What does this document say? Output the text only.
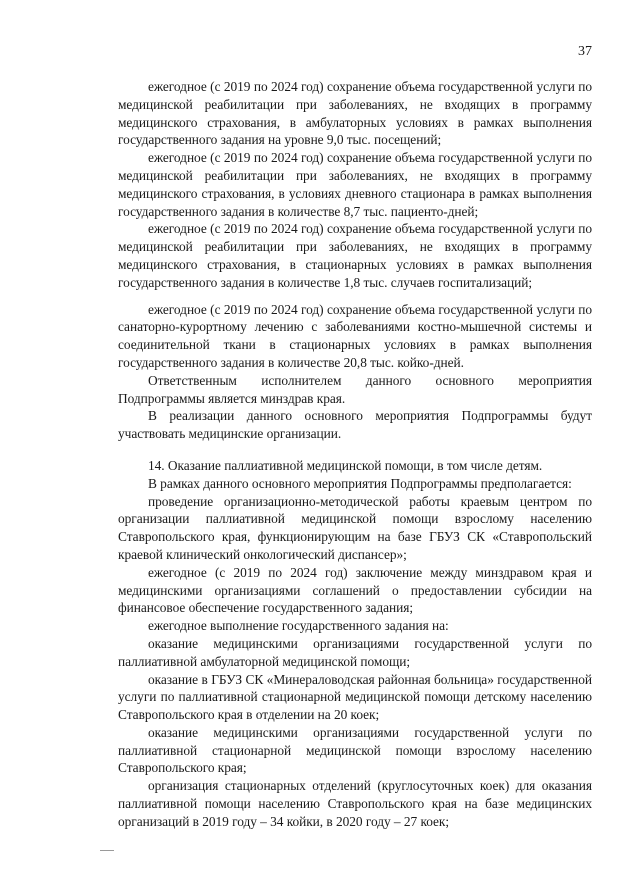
37

ежегодное (с 2019 по 2024 год) сохранение объема государственной услуги по медицинской реабилитации при заболеваниях, не входящих в программу медицинского страхования, в амбулаторных условиях в рамках выполнения государственного задания на уровне 9,0 тыс. посещений;

ежегодное (с 2019 по 2024 год) сохранение объема государственной услуги по медицинской реабилитации при заболеваниях, не входящих в программу медицинского страхования, в условиях дневного стационара в рамках выполнения государственного задания в количестве 8,7 тыс. пациенто-дней;

ежегодное (с 2019 по 2024 год) сохранение объема государственной услуги по медицинской реабилитации при заболеваниях, не входящих в программу медицинского страхования, в стационарных условиях в рамках выполнения государственного задания в количестве 1,8 тыс. случаев госпитализаций;

ежегодное (с 2019 по 2024 год) сохранение объема государственной услуги по санаторно-курортному лечению с заболеваниями костно-мышечной системы и соединительной ткани в стационарных условиях в рамках выполнения государственного задания в количестве 20,8 тыс. койко-дней.

Ответственным исполнителем данного основного мероприятия Подпрограммы является минздрав края.

В реализации данного основного мероприятия Подпрограммы будут участвовать медицинские организации.

14. Оказание паллиативной медицинской помощи, в том числе детям.

В рамках данного основного мероприятия Подпрограммы предполагается:

проведение организационно-методической работы краевым центром по организации паллиативной медицинской помощи взрослому населению Ставропольского края, функционирующим на базе ГБУЗ СК «Ставропольский краевой клинический онкологический диспансер»;

ежегодное (с 2019 по 2024 год) заключение между минздравом края и медицинскими организациями соглашений о предоставлении субсидии на финансовое обеспечение государственного задания;

ежегодное выполнение государственного задания на:

оказание медицинскими организациями государственной услуги по паллиативной амбулаторной медицинской помощи;

оказание в ГБУЗ СК «Минераловодская районная больница» государственной услуги по паллиативной стационарной медицинской помощи детскому населению Ставропольского края в отделении на 20 коек;

оказание медицинскими организациями государственной услуги по паллиативной стационарной медицинской помощи взрослому населению Ставропольского края;

организация стационарных отделений (круглосуточных коек) для оказания паллиативной помощи населению Ставропольского края на базе медицинских организаций в 2019 году – 34 койки, в 2020 году – 27 коек;
